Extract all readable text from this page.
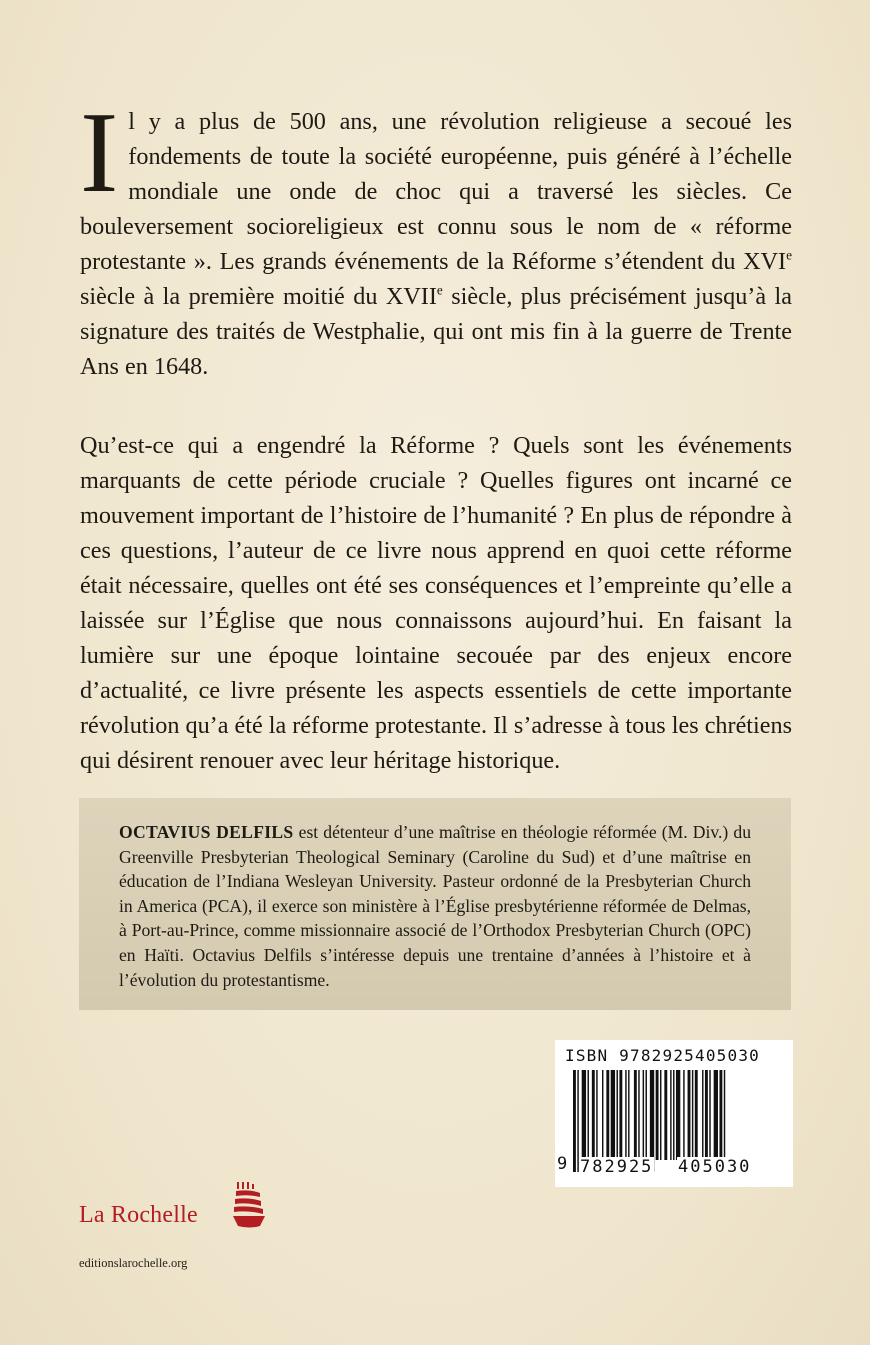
Il y a plus de 500 ans, une révolution religieuse a secoué les fondements de toute la société européenne, puis généré à l’échelle mondiale une onde de choc qui a traversé les siècles. Ce bouleversement socioreligieux est connu sous le nom de « réforme protestante ». Les grands événements de la Réforme s’étendent du XVIe siècle à la première moitié du XVIIe siècle, plus précisément jusqu’à la signature des traités de Westphalie, qui ont mis fin à la guerre de Trente Ans en 1648.

Qu’est-ce qui a engendré la Réforme ? Quels sont les événements marquants de cette période cruciale ? Quelles figures ont incarné ce mouvement important de l’histoire de l’humanité ? En plus de répondre à ces questions, l’auteur de ce livre nous apprend en quoi cette réforme était nécessaire, quelles ont été ses conséquences et l’empreinte qu’elle a laissée sur l’Église que nous connaissons aujourd’hui. En faisant la lumière sur une époque lointaine secouée par des enjeux encore d’actualité, ce livre présente les aspects essentiels de cette importante révolution qu’a été la réforme protestante. Il s’adresse à tous les chrétiens qui désirent renouer avec leur héritage historique.

OCTAVIUS DELFILS est détenteur d’une maîtrise en théologie réformée (M. Div.) du Greenville Presbyterian Theological Seminary (Caroline du Sud) et d’une maîtrise en éducation de l’Indiana Wesleyan University. Pasteur ordonné de la Presbyterian Church in America (PCA), il exerce son ministère à l’Église presbytérienne réformée de Delmas, à Port-au-Prince, comme missionnaire associé de l’Orthodox Presbyterian Church (OPC) en Haïti. Octavius Delfils s’intéresse depuis une trentaine d’années à l’histoire et à l’évolution du protestantisme.

La Rochelle
editionslarochelle.org
ISBN 9782925405030
9 782925 405030
